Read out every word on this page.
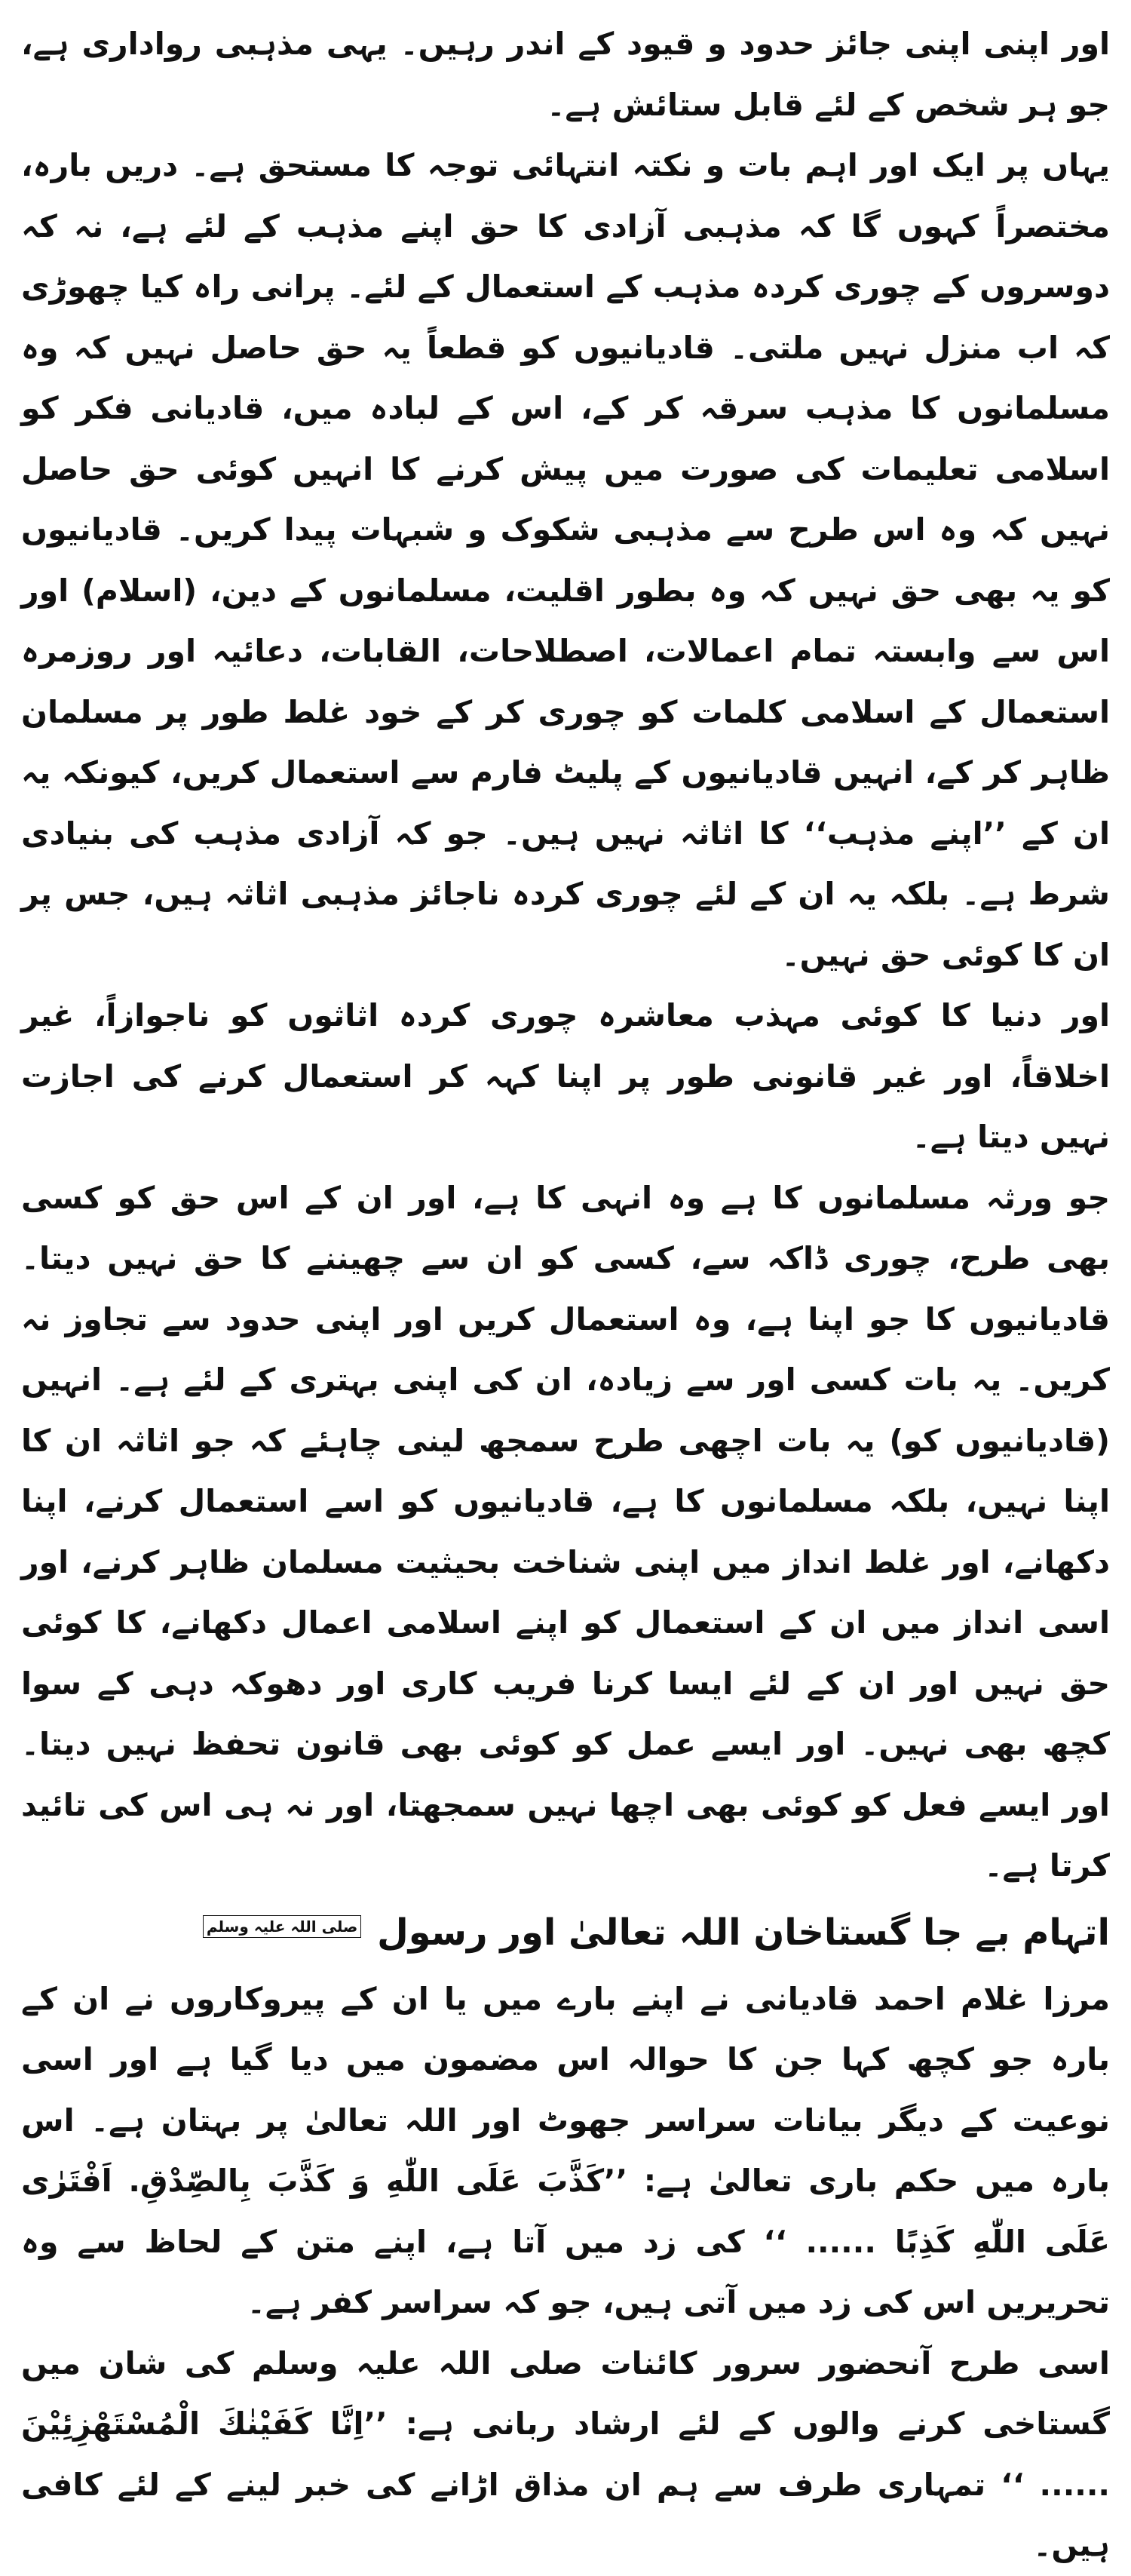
اور اپنی اپنی جائز حدود و قیود کے اندر رہیں۔ یہی مذہبی رواداری ہے، جو ہر شخص کے لئے قابل ستائش ہے۔

یہاں پر ایک اور اہم بات و نکتہ انتہائی توجہ کا مستحق ہے۔ دریں بارہ، مختصراً کہوں گا کہ مذہبی آزادی کا حق اپنے مذہب کے لئے ہے، نہ کہ دوسروں کے چوری کردہ مذہب کے استعمال کے لئے۔ پرانی راہ کیا چھوڑی کہ اب منزل نہیں ملتی۔ قادیانیوں کو قطعاً یہ حق حاصل نہیں کہ وہ مسلمانوں کا مذہب سرقہ کر کے، اس کے لبادہ میں، قادیانی فکر کو اسلامی تعلیمات کی صورت میں پیش کرنے کا انہیں کوئی حق حاصل نہیں کہ وہ اس طرح سے مذہبی شکوک و شبہات پیدا کریں۔ قادیانیوں کو یہ بھی حق نہیں کہ وہ بطور اقلیت، مسلمانوں کے دین، (اسلام) اور اس سے وابستہ تمام اعمالات، اصطلاحات، القابات، دعائیہ اور روزمرہ استعمال کے اسلامی کلمات کو چوری کر کے خود غلط طور پر مسلمان ظاہر کر کے، انہیں قادیانیوں کے پلیٹ فارم سے استعمال کریں، کیونکہ یہ ان کے ’’اپنے مذہب‘‘ کا اثاثہ نہیں ہیں۔ جو کہ آزادی مذہب کی بنیادی شرط ہے۔ بلکہ یہ ان کے لئے چوری کردہ ناجائز مذہبی اثاثہ ہیں، جس پر ان کا کوئی حق نہیں۔

اور دنیا کا کوئی مہذب معاشرہ چوری کردہ اثاثوں کو ناجوازاً، غیر اخلاقاً، اور غیر قانونی طور پر اپنا کہہ کر استعمال کرنے کی اجازت نہیں دیتا ہے۔

جو ورثہ مسلمانوں کا ہے وہ انہی کا ہے، اور ان کے اس حق کو کسی بھی طرح، چوری ڈاکہ سے، کسی کو ان سے چھیننے کا حق نہیں دیتا۔ قادیانیوں کا جو اپنا ہے، وہ استعمال کریں اور اپنی حدود سے تجاوز نہ کریں۔ یہ بات کسی اور سے زیادہ، ان کی اپنی بہتری کے لئے ہے۔ انہیں (قادیانیوں کو) یہ بات اچھی طرح سمجھ لینی چاہئے کہ جو اثاثہ ان کا اپنا نہیں، بلکہ مسلمانوں کا ہے، قادیانیوں کو اسے استعمال کرنے، اپنا دکھانے، اور غلط انداز میں اپنی شناخت بحیثیت مسلمان ظاہر کرنے، اور اسی انداز میں ان کے استعمال کو اپنے اسلامی اعمال دکھانے، کا کوئی حق نہیں اور ان کے لئے ایسا کرنا فریب کاری اور دھوکہ دہی کے سوا کچھ بھی نہیں۔ اور ایسے عمل کو کوئی بھی قانون تحفظ نہیں دیتا۔ اور ایسے فعل کو کوئی بھی اچھا نہیں سمجھتا، اور نہ ہی اس کی تائید کرتا ہے۔

اتہام بے جا گستاخان اللہ تعالیٰ اور رسول صلی اللہ علیہ وسلم

مرزا غلام احمد قادیانی نے اپنے بارے میں یا ان کے پیروکاروں نے ان کے بارہ جو کچھ کہا جن کا حوالہ اس مضمون میں دیا گیا ہے اور اسی نوعیت کے دیگر بیانات سراسر جھوٹ اور اللہ تعالیٰ پر بہتان ہے۔ اس بارہ میں حکم باری تعالیٰ ہے: ’’كَذَّبَ عَلَى اللّٰهِ وَ كَذَّبَ بِالصِّدْقِ. اَفْتَرٰى عَلَى اللّٰهِ كَذِبًا ...... ‘‘ کی زد میں آتا ہے، اپنے متن کے لحاظ سے وہ تحریریں اس کی زد میں آتی ہیں، جو کہ سراسر کفر ہے۔

اسی طرح آنحضور سرور کائنات صلی اللہ علیہ وسلم کی شان میں گستاخی کرنے والوں کے لئے ارشاد ربانی ہے: ’’اِنَّا كَفَيْنٰكَ الْمُسْتَهْزِئِيْنَ ...... ‘‘ تمہاری طرف سے ہم ان مذاق اڑانے کی خبر لینے کے لئے کافی ہیں۔
